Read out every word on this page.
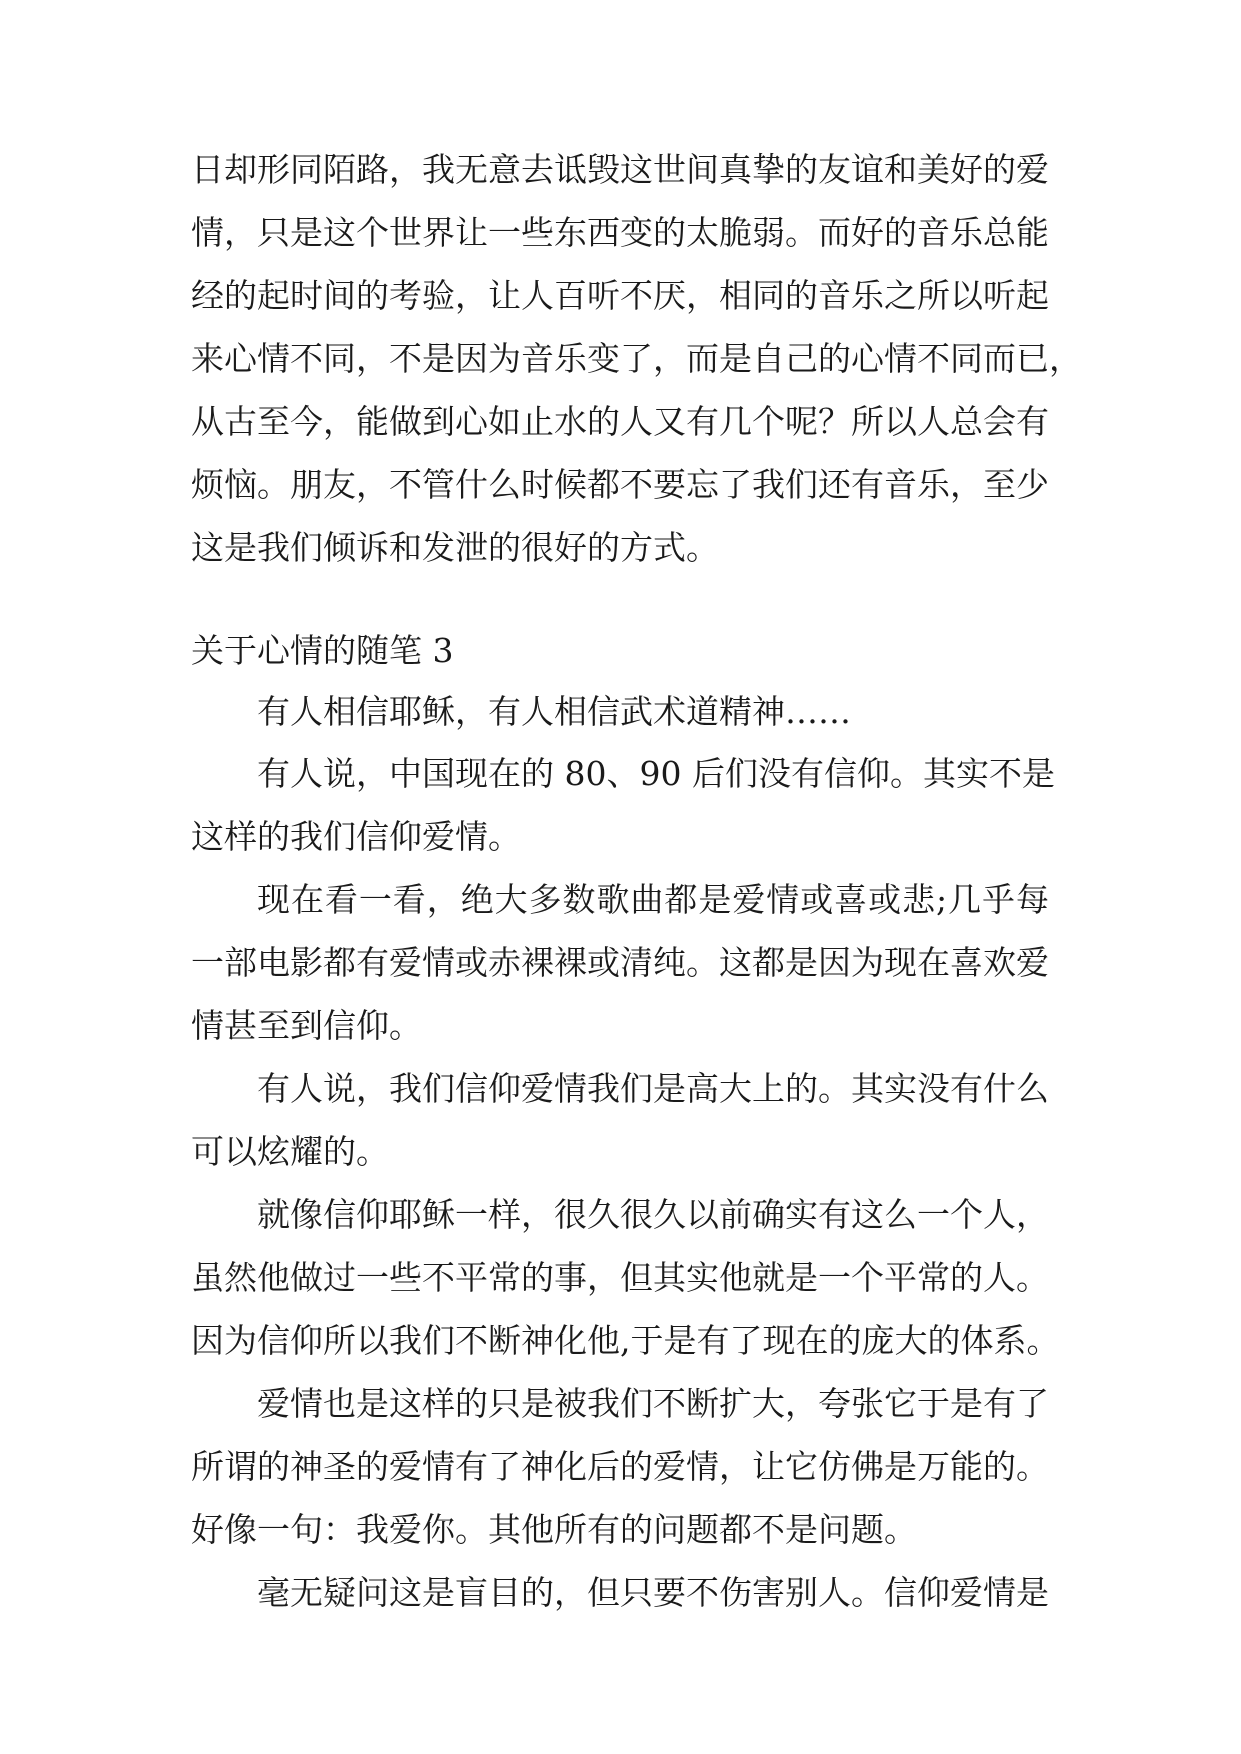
日却形同陌路，我无意去诋毁这世间真挚的友谊和美好的爱
情，只是这个世界让一些东西变的太脆弱。而好的音乐总能
经的起时间的考验，让人百听不厌，相同的音乐之所以听起
来心情不同，不是因为音乐变了，而是自己的心情不同而已，
从古至今，能做到心如止水的人又有几个呢？所以人总会有
烦恼。朋友，不管什么时候都不要忘了我们还有音乐，至少
这是我们倾诉和发泄的很好的方式。
关于心情的随笔 3
有人相信耶稣，有人相信武术道精神……
有人说，中国现在的 80、90 后们没有信仰。其实不是
这样的我们信仰爱情。
现在看一看，绝大多数歌曲都是爱情或喜或悲;几乎每
一部电影都有爱情或赤裸裸或清纯。这都是因为现在喜欢爱
情甚至到信仰。
有人说，我们信仰爱情我们是高大上的。其实没有什么
可以炫耀的。
就像信仰耶稣一样，很久很久以前确实有这么一个人，
虽然他做过一些不平常的事，但其实他就是一个平常的人。
因为信仰所以我们不断神化他,于是有了现在的庞大的体系。
爱情也是这样的只是被我们不断扩大，夸张它于是有了
所谓的神圣的爱情有了神化后的爱情，让它仿佛是万能的。
好像一句：我爱你。其他所有的问题都不是问题。
毫无疑问这是盲目的，但只要不伤害别人。信仰爱情是
